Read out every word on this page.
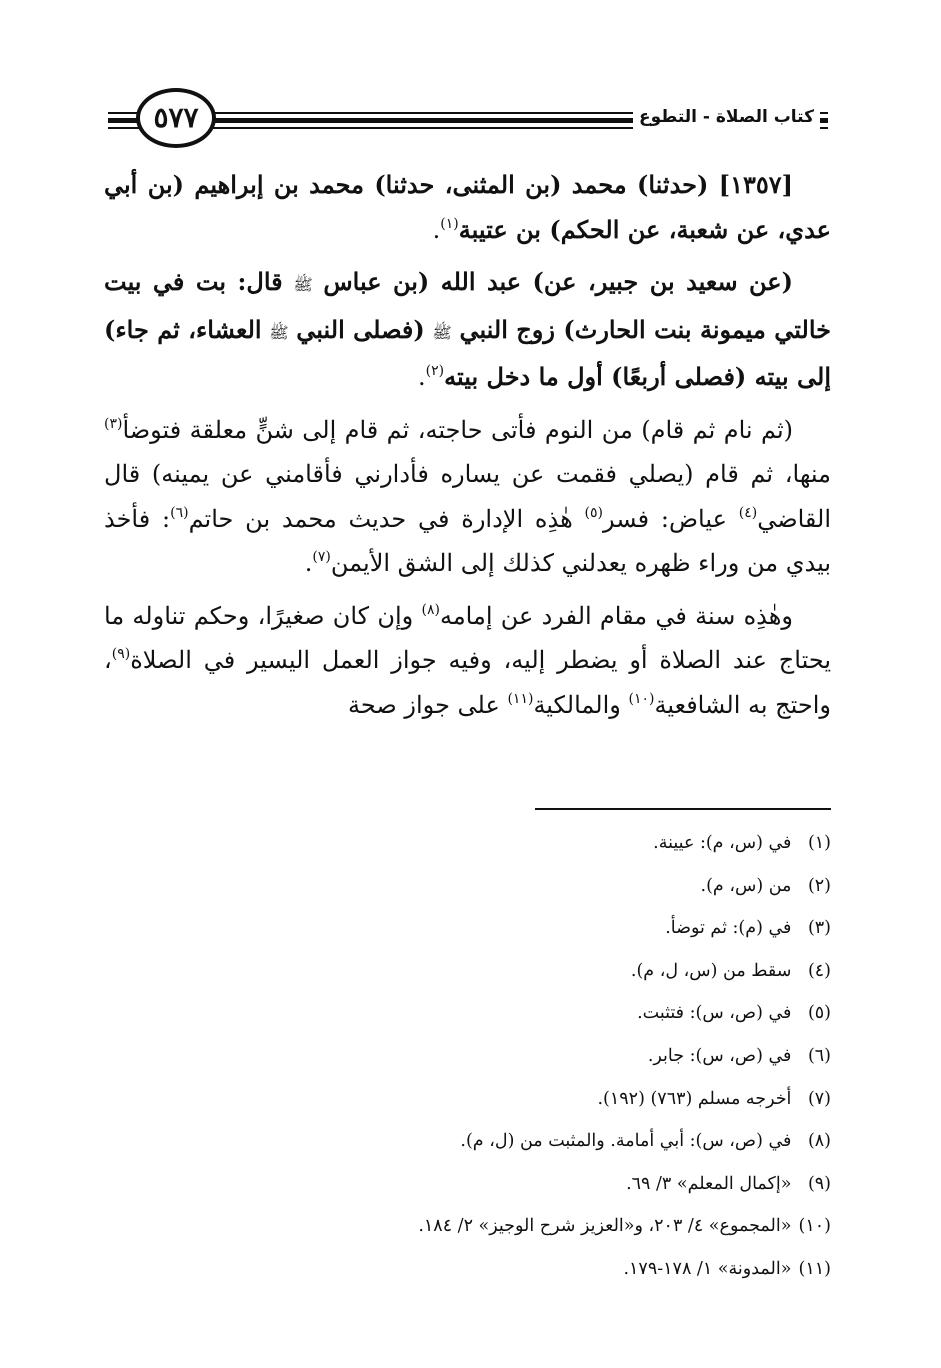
كتاب الصلاة - التطوع
٥٧٧

[١٣٥٧] (حدثنا) محمد (بن المثنى، حدثنا) محمد بن إبراهيم (بن أبي عدي، عن شعبة، عن الحكم) بن عتيبة$^{(١)}$.

(عن سعيد بن جبير، عن) عبد الله (بن عباس ﷺ قال: بت في بيت خالتي ميمونة بنت الحارث) زوج النبي ﷺ (فصلى النبي ﷺ العشاء، ثم جاء) إلى بيته (فصلى أربعًا) أول ما دخل بيته$^{(٢)}$.

(ثم نام ثم قام) من النوم فأتى حاجته، ثم قام إلى شنٍّ معلقة فتوضأ$^{(٣)}$ منها، ثم قام (يصلي فقمت عن يساره فأدارني فأقامني عن يمينه) قال القاضي$^{(٤)}$ عياض: فسر$^{(٥)}$ هٰذِه الإدارة في حديث محمد بن حاتم$^{(٦)}$: فأخذ بيدي من وراء ظهره يعدلني كذلك إلى الشق الأيمن$^{(٧)}$.

وهٰذِه سنة في مقام الفرد عن إمامه$^{(٨)}$ وإن كان صغيرًا، وحكم تناوله ما يحتاج عند الصلاة أو يضطر إليه، وفيه جواز العمل اليسير في الصلاة$^{(٩)}$، واحتج به الشافعية$^{(١٠)}$ والمالكية$^{(١١)}$ على جواز صحة

(١) في (س، م): عيينة.
(٢) من (س، م).
(٣) في (م): ثم توضأ.
(٤) سقط من (س، ل، م).
(٥) في (ص، س): فتثبت.
(٦) في (ص، س): جابر.
(٧) أخرجه مسلم (٧٦٣) (١٩٢).
(٨) في (ص، س): أبي أمامة. والمثبت من (ل، م).
(٩) «إكمال المعلم» ٣/ ٦٩.
(١٠) «المجموع» ٤/ ٢٠٣، و«العزيز شرح الوجيز» ٢/ ١٨٤.
(١١) «المدونة» ١/ ١٧٨-١٧٩.
